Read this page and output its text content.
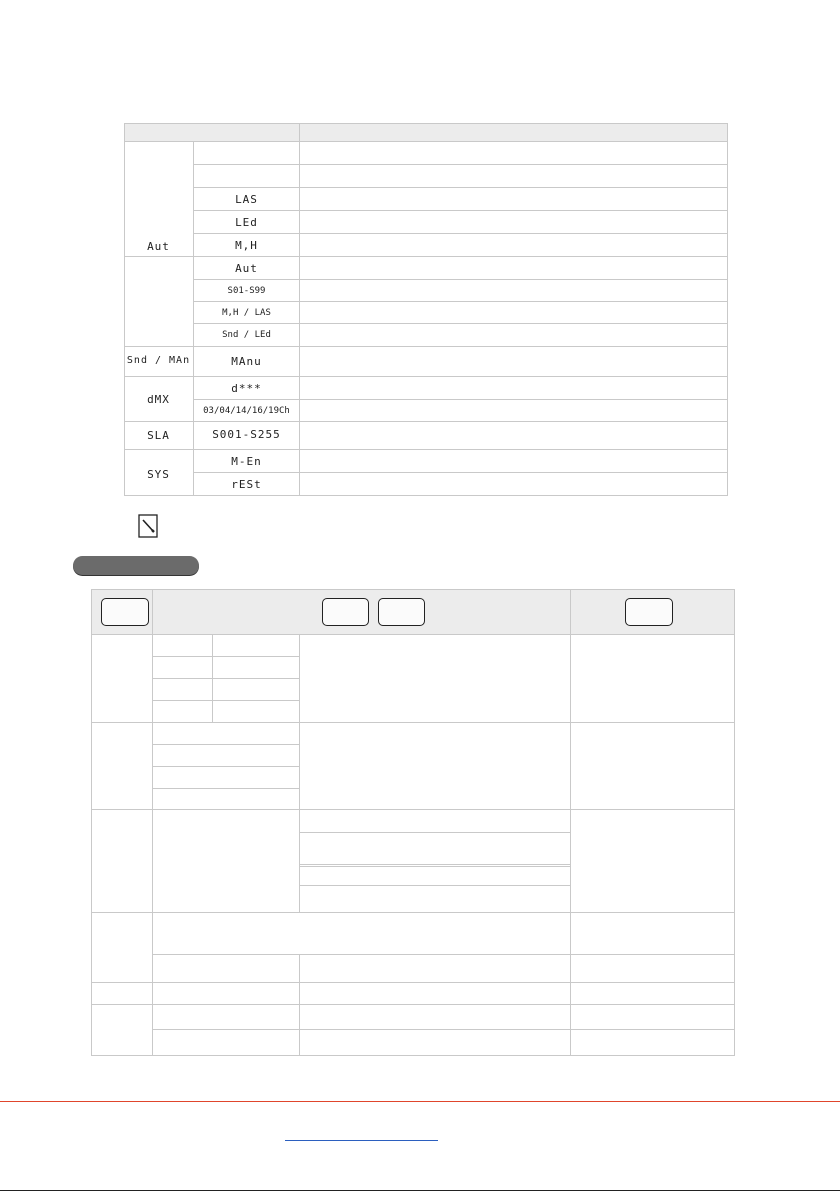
Aut
Snd / MAn
dMX
SLA
SYS
LAS
LEd
M,H
Aut
S01-S99
M,H / LAS
Snd / LEd
MAnu
d***
03/04/14/16/19Ch
S001-S255
M-En
rESt
